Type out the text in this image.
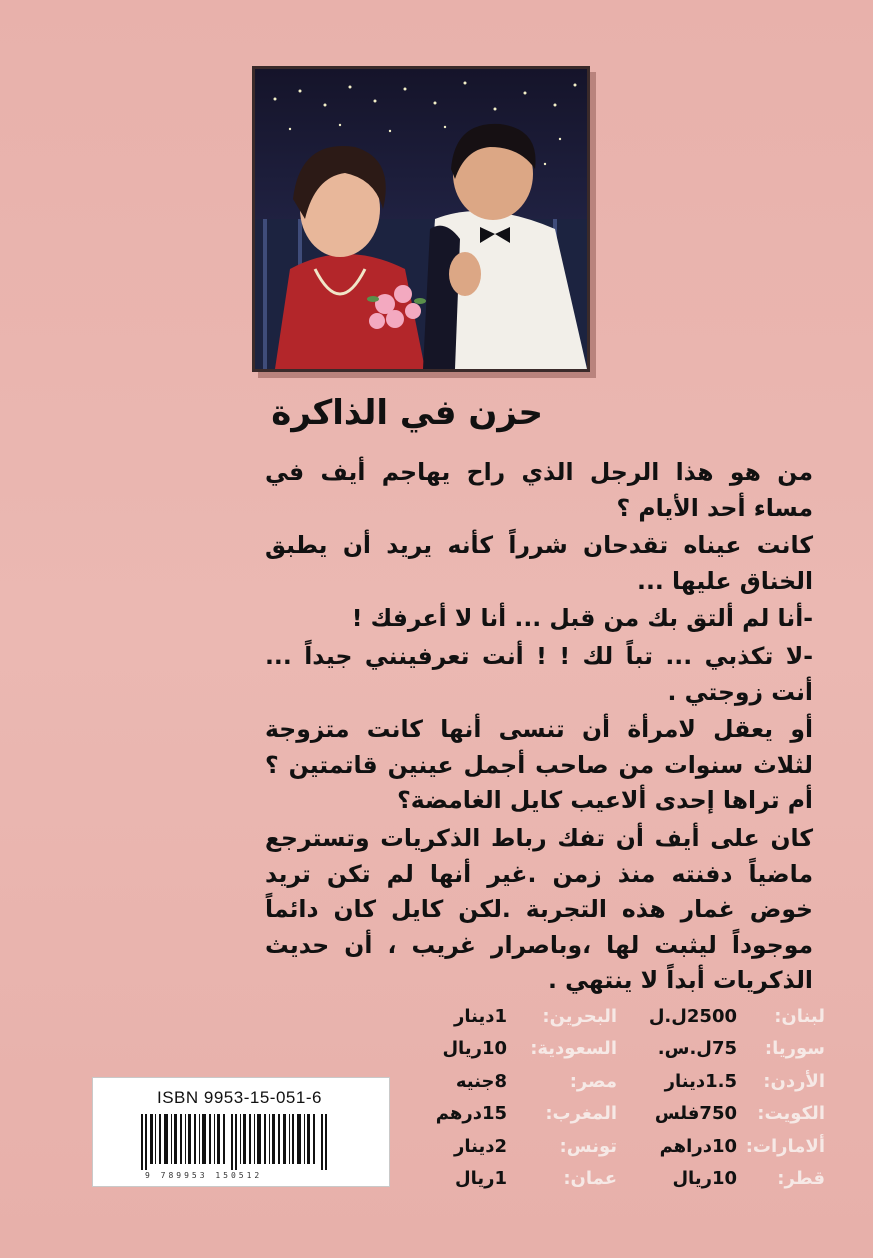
حزن في الذاكرة

من هو هذا الرجل الذي راح يهاجم أيف في مساء أحد الأيام ؟

كانت عيناه تقدحان شرراً كأنه يريد أن يطبق الخناق عليها ...

-أنا لم ألتق بك من قبل ... أنا لا أعرفك !

-لا تكذبي ... تباً لك ! ! أنت تعرفينني جيداً ... أنت زوجتي .

أو يعقل لامرأة أن تنسى أنها كانت متزوجة لثلاث سنوات من صاحب أجمل عينين قاتمتين ؟ أم تراها إحدى ألاعيب كايل الغامضة؟

كان على أيف أن تفك رباط الذكريات وتسترجع ماضياً دفنته منذ زمن .غير أنها لم تكن تريد خوض غمار هذه التجربة .لكن كايل كان دائماً موجوداً ليثبت لها ،وباصرار غريب ، أن حديث الذكريات أبداً لا ينتهي .

لبنان:
2500ل.ل
البحرين:
1دينار
سوريا:
75ل.س.
السعودية:
10ريال
الأردن:
1.5دينار
مصر:
8جنيه
الكويت:
750فلس
المغرب:
15درهم
ألامارات:
10دراهم
تونس:
2دينار
قطر:
10ريال
عمان:
1ريال
ISBN 9953-15-051-6
9 789953 150512
